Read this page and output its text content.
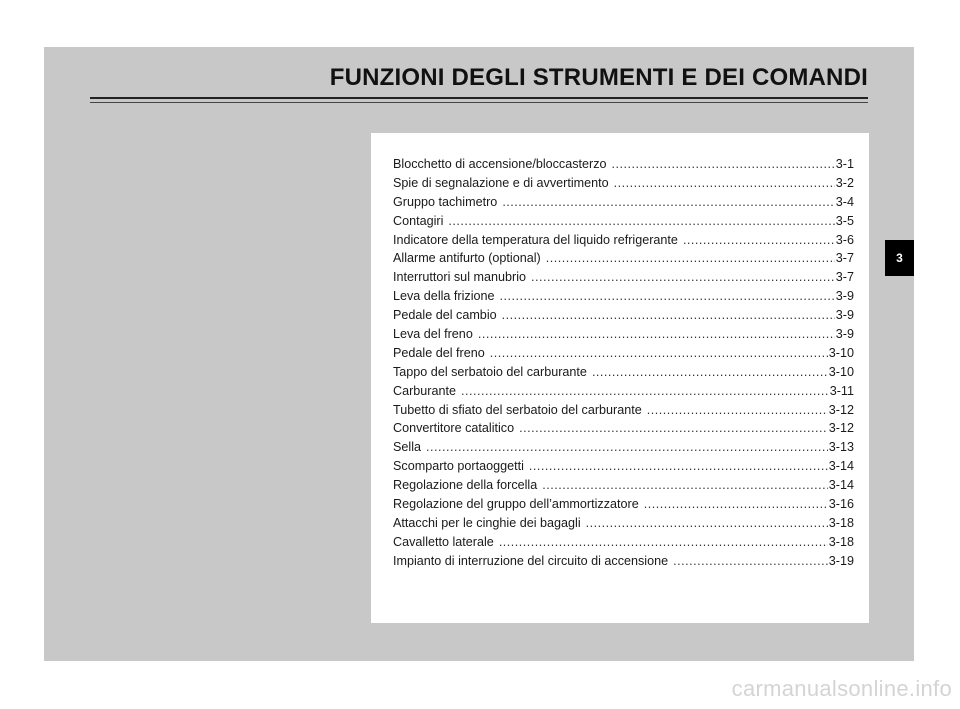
FUNZIONI DEGLI STRUMENTI E DEI COMANDI
Blocchetto di accensione/bloccasterzo .....	3-1
Spie di segnalazione e di avvertimento .....	3-2
Gruppo tachimetro .....	3-4
Contagiri .....	3-5
Indicatore della temperatura del liquido refrigerante .....	3-6
Allarme antifurto (optional) .....	3-7
Interruttori sul manubrio .....	3-7
Leva della frizione .....	3-9
Pedale del cambio .....	3-9
Leva del freno .....	3-9
Pedale del freno .....	3-10
Tappo del serbatoio del carburante .....	3-10
Carburante .....	3-11
Tubetto di sfiato del serbatoio del carburante .....	3-12
Convertitore catalitico .....	3-12
Sella .....	3-13
Scomparto portaoggetti .....	3-14
Regolazione della forcella .....	3-14
Regolazione del gruppo dell’ammortizzatore .....	3-16
Attacchi per le cinghie dei bagagli .....	3-18
Cavalletto laterale .....	3-18
Impianto di interruzione del circuito di accensione .....	3-19
3
carmanualsonline.info
